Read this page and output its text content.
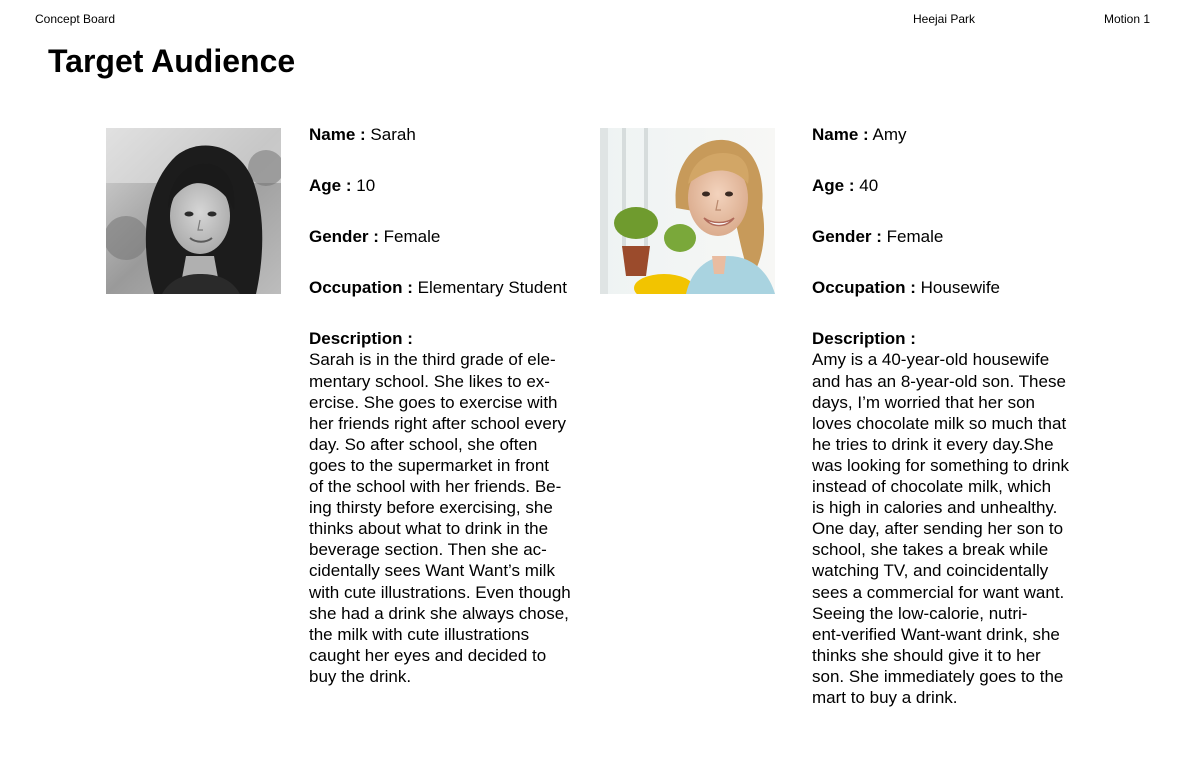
Concept Board	Heejai Park	Motion 1
Target Audience

Name : Sarah

Age : 10

Gender : Female

Occupation : Elementary Student

Description :
Sarah is in the third grade of ele-
mentary school. She likes to ex-
ercise. She goes to exercise with
her friends right after school every
day. So after school, she often
goes to the supermarket in front
of the school with her friends. Be-
ing thirsty before exercising, she
thinks about what to drink in the
beverage section. Then she ac-
cidentally sees Want Want’s milk
with cute illustrations. Even though
she had a drink she always chose,
the milk with cute illustrations
caught her eyes and decided to
buy the drink.

Name : Amy

Age : 40

Gender : Female

Occupation : Housewife

Description :
Amy is a 40-year-old housewife
and has an 8-year-old son. These
days, I’m worried that her son
loves chocolate milk so much that
he tries to drink it every day.She
was looking for something to drink
instead of chocolate milk, which
is high in calories and unhealthy.
One day, after sending her son to
school, she takes a break while
watching TV, and coincidentally
sees a commercial for want want.
Seeing the low-calorie, nutri-
ent-verified Want-want drink, she
thinks she should give it to her
son. She immediately goes to the
mart to buy a drink.
